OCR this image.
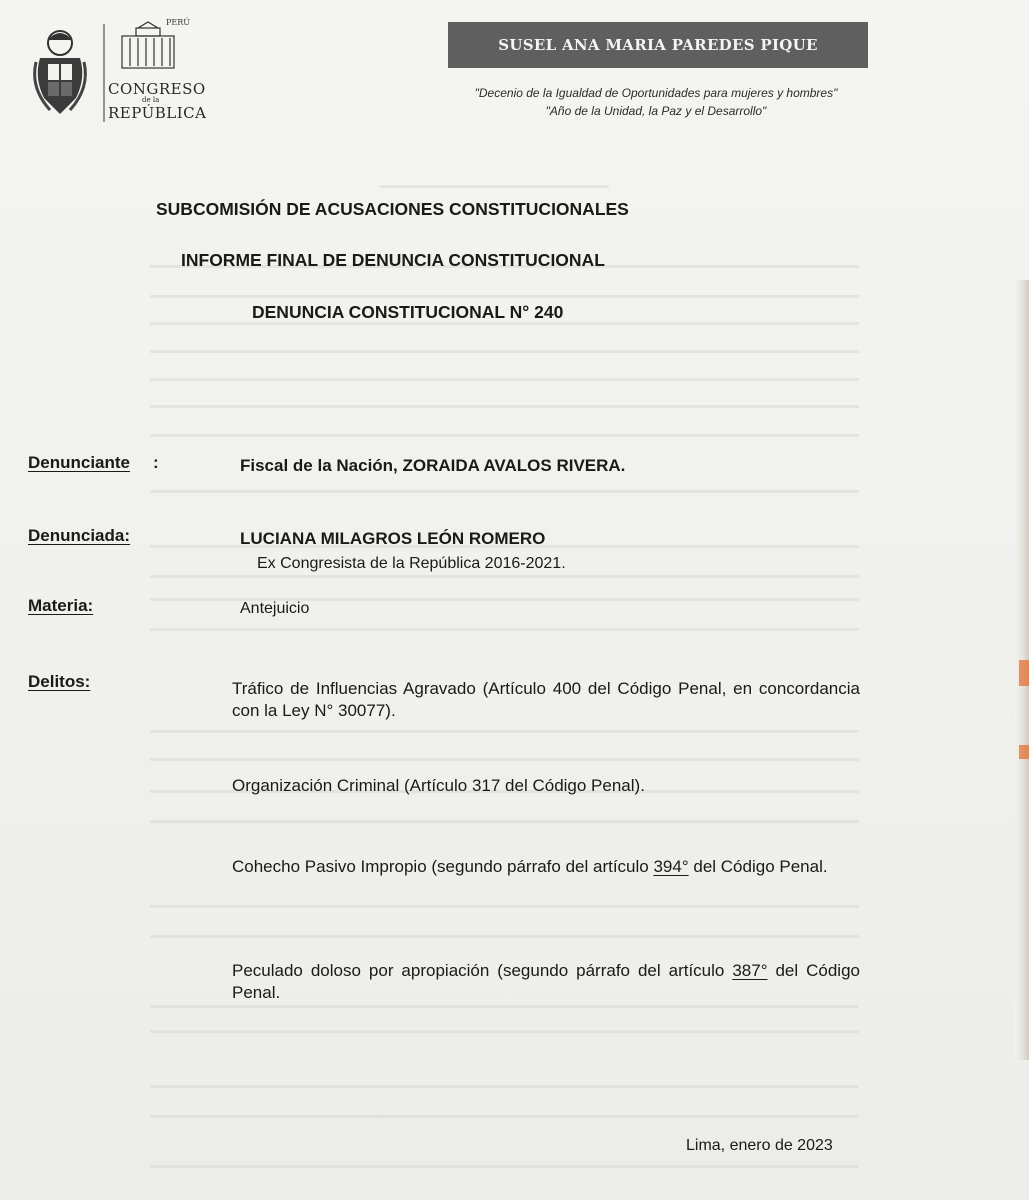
PERÚ
CONGRESO
de la
REPÚBLICA
SUSEL ANA MARIA PAREDES PIQUE
"Decenio de la Igualdad de Oportunidades para mujeres y hombres"
"Año de la Unidad, la Paz y el Desarrollo"
SUBCOMISIÓN DE ACUSACIONES CONSTITUCIONALES
INFORME FINAL DE DENUNCIA CONSTITUCIONAL
DENUNCIA CONSTITUCIONAL N° 240
Denunciante :	Fiscal de la Nación, ZORAIDA AVALOS RIVERA.
Denunciada:	LUCIANA MILAGROS LEÓN ROMERO
Ex Congresista de la República 2016-2021.
Materia:	Antejuicio
Delitos:	Tráfico de Influencias Agravado (Artículo 400 del Código Penal, en concordancia con la Ley N° 30077).
Organización Criminal (Artículo 317 del Código Penal).
Cohecho Pasivo Impropio (segundo párrafo del artículo 394° del Código Penal.
Peculado doloso por apropiación (segundo párrafo del artículo 387° del Código Penal.
Lima, enero de 2023
